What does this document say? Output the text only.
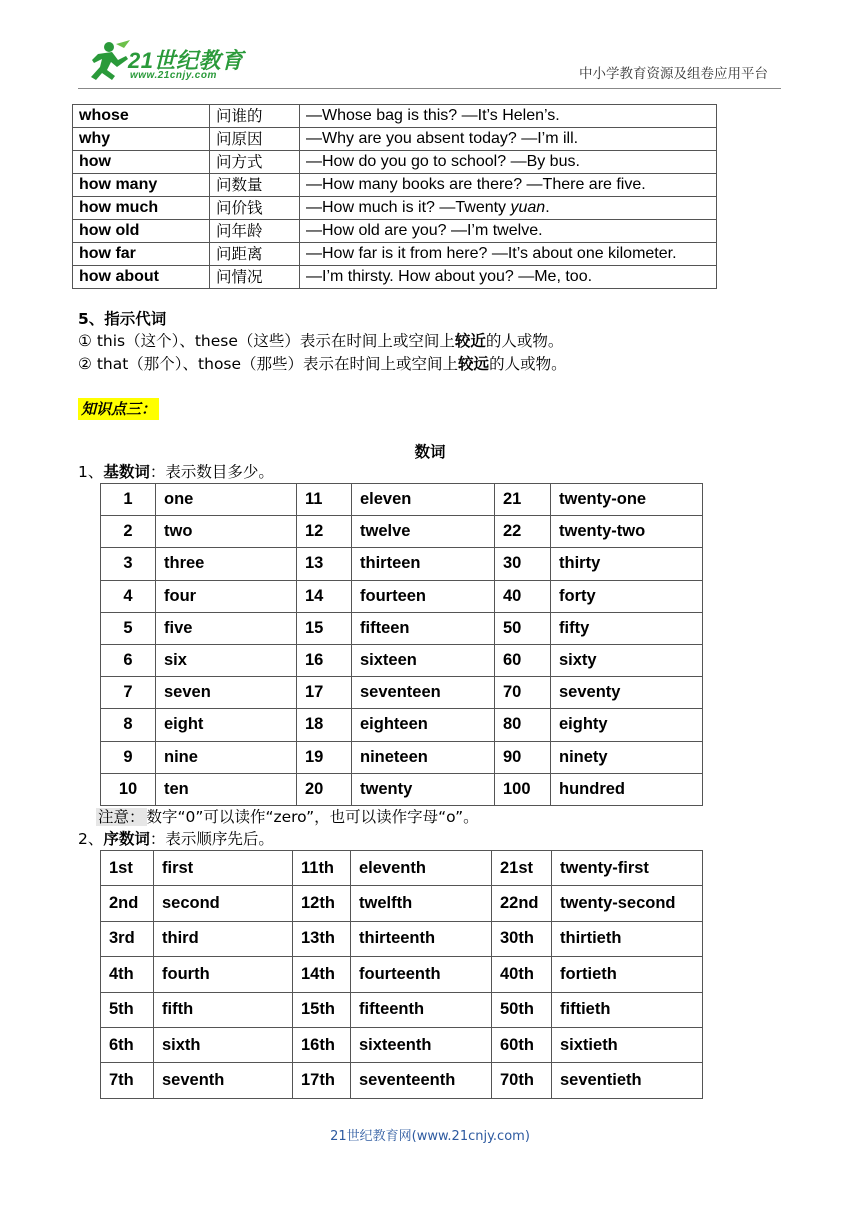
21世纪教育
www.21cnjy.com	中小学教育资源及组卷应用平台
whose	问谁的	—Whose bag is this? —It’s Helen’s.
why	问原因	—Why are you absent today? —I’m ill.
how	问方式	—How do you go to school? —By bus.
how many	问数量	—How many books are there? —There are five.
how much	问价钱	—How much is it? —Twenty yuan.
how old	问年龄	—How old are you? —I’m twelve.
how far	问距离	—How far is it from here? —It’s about one kilometer.
how about	问情况	—I’m thirsty. How about you? —Me, too.
5、指示代词
① this（这个）、these（这些）表示在时间上或空间上较近的人或物。
② that（那个）、those（那些）表示在时间上或空间上较远的人或物。
知识点三：
数词
1、基数词：表示数目多少。
1	one	11	eleven	21	twenty-one
2	two	12	twelve	22	twenty-two
3	three	13	thirteen	30	thirty
4	four	14	fourteen	40	forty
5	five	15	fifteen	50	fifty
6	six	16	sixteen	60	sixty
7	seven	17	seventeen	70	seventy
8	eight	18	eighteen	80	eighty
9	nine	19	nineteen	90	ninety
10	ten	20	twenty	100	hundred
注意： 数字“0”可以读作“zero”，也可以读作字母“o”。
2、序数词：表示顺序先后。
1st	first	11th	eleventh	21st	twenty-first
2nd	second	12th	twelfth	22nd	twenty-second
3rd	third	13th	thirteenth	30th	thirtieth
4th	fourth	14th	fourteenth	40th	fortieth
5th	fifth	15th	fifteenth	50th	fiftieth
6th	sixth	16th	sixteenth	60th	sixtieth
7th	seventh	17th	seventeenth	70th	seventieth
21世纪教育网(www.21cnjy.com)
